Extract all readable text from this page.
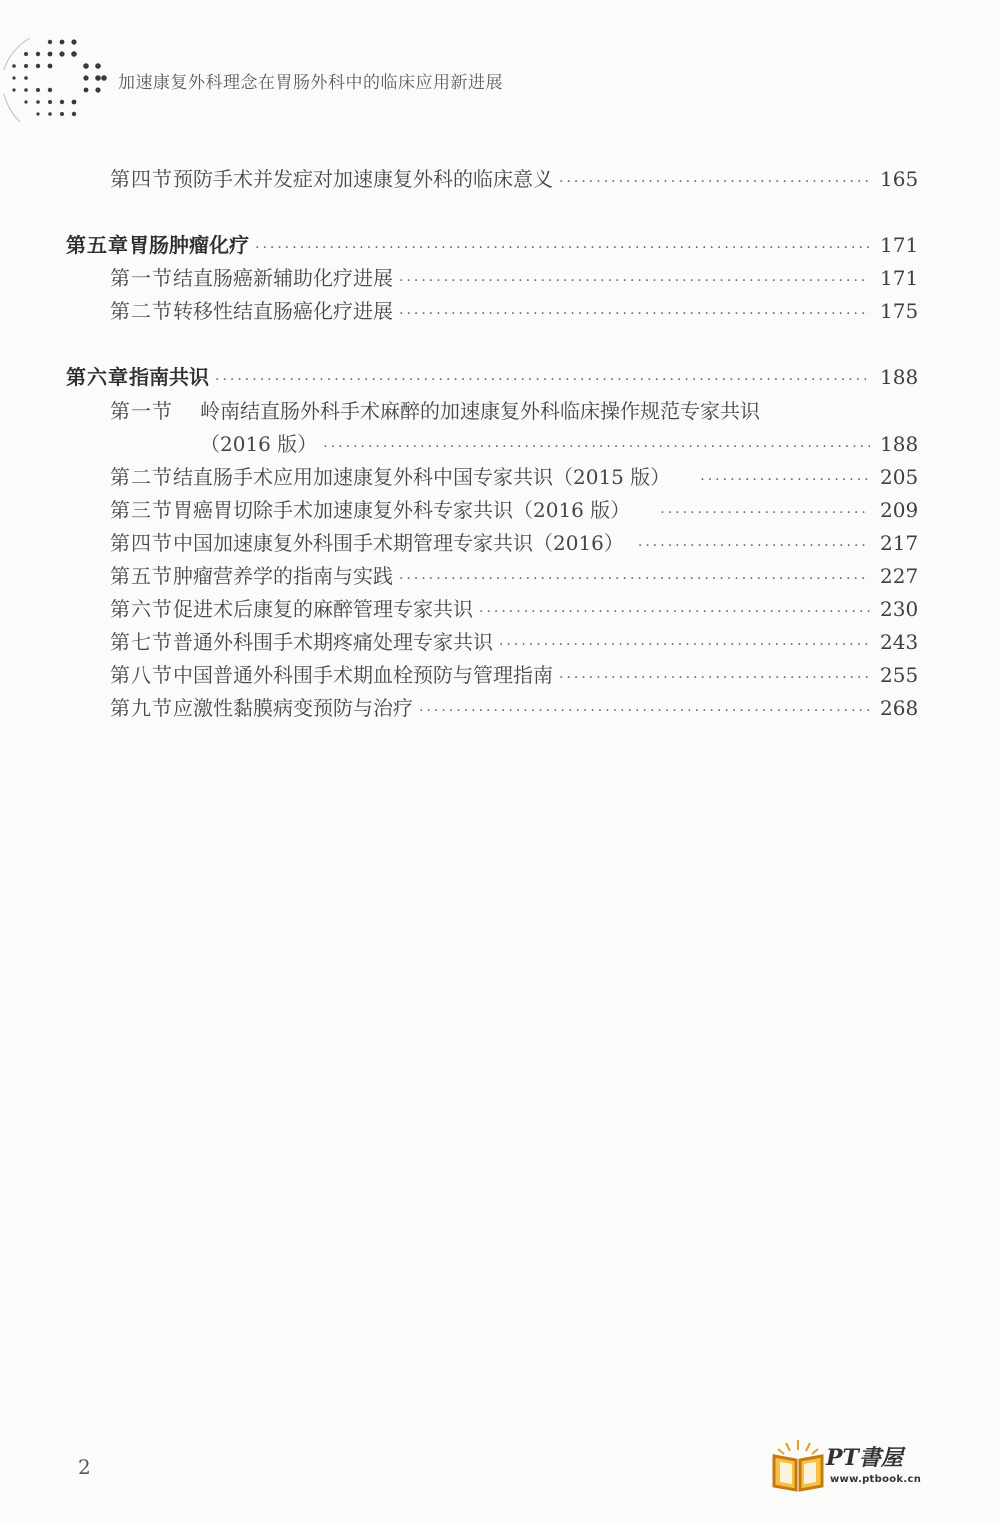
加速康复外科理念在胃肠外科中的临床应用新进展
第四节 预防手术并发症对加速康复外科的临床意义 ·····	165
第五章 胃肠肿瘤化疗 ·····	171
第一节 结直肠癌新辅助化疗进展 ·····	171
第二节 转移性结直肠癌化疗进展 ·····	175
第六章 指南共识 ·····	188
第一节 岭南结直肠外科手术麻醉的加速康复外科临床操作规范专家共识
（2016 版） ·····	188
第二节 结直肠手术应用加速康复外科中国专家共识（2015 版） ·····	205
第三节 胃癌胃切除手术加速康复外科专家共识（2016 版） ·····	209
第四节 中国加速康复外科围手术期管理专家共识（2016） ·····	217
第五节 肿瘤营养学的指南与实践 ·····	227
第六节 促进术后康复的麻醉管理专家共识 ·····	230
第七节 普通外科围手术期疼痛处理专家共识 ·····	243
第八节 中国普通外科围手术期血栓预防与管理指南 ·····	255
第九节 应激性黏膜病变预防与治疗 ·····	268
2	PT書屋
www.ptbook.cn
